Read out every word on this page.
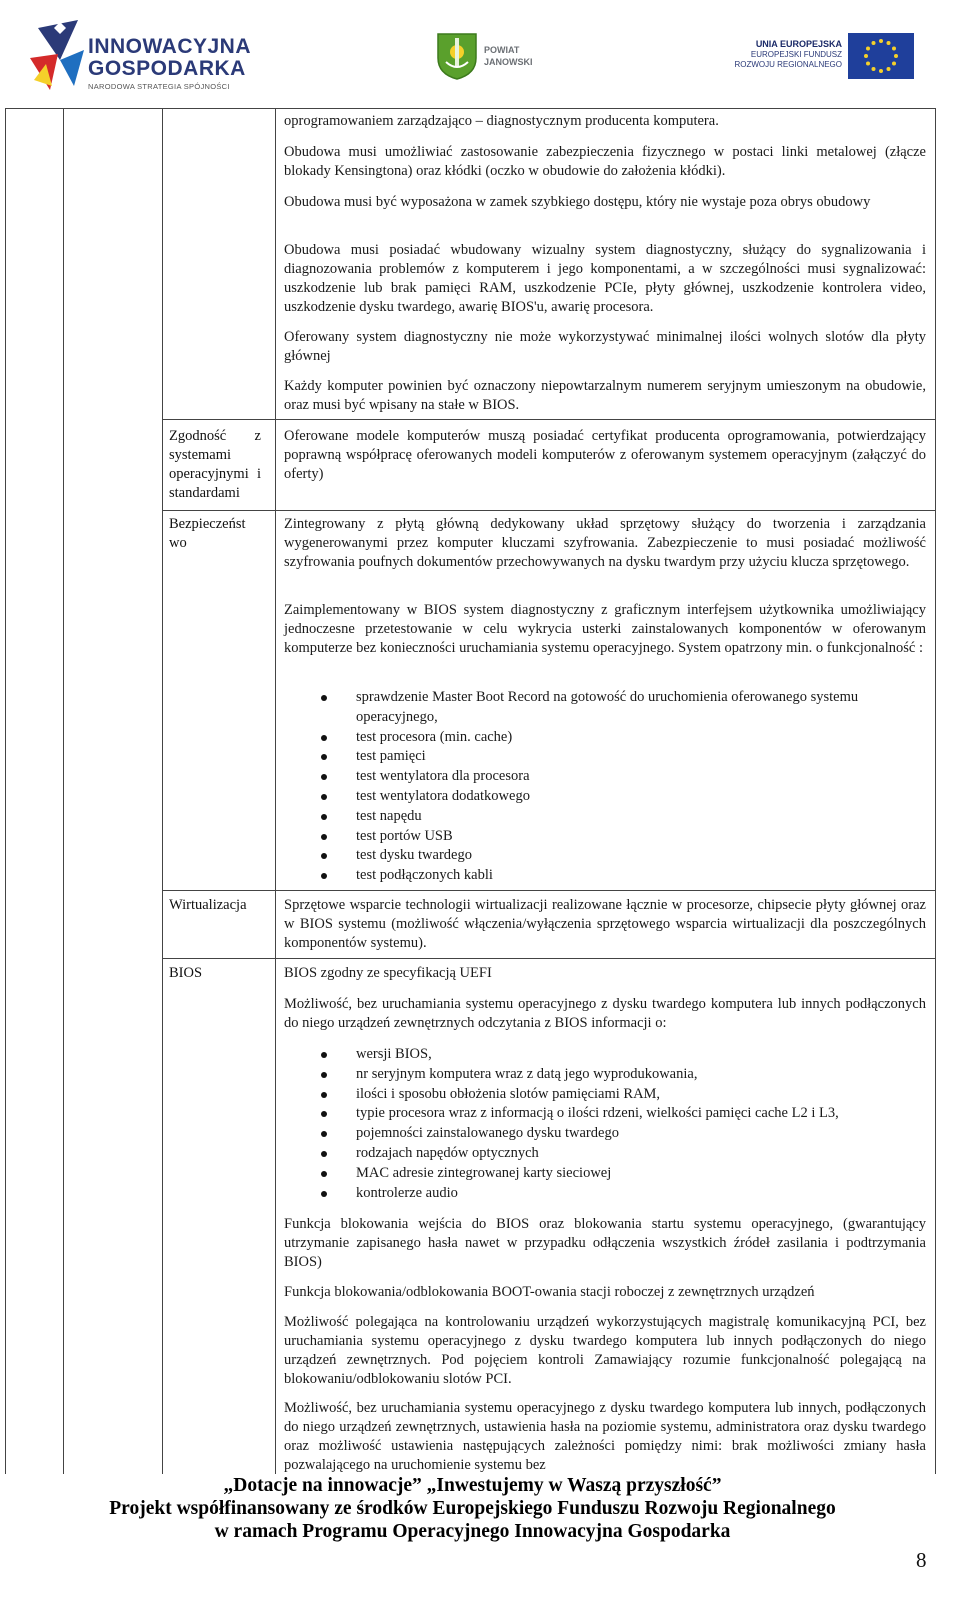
INNOWACYJNA
GOSPODARKA
NARODOWA STRATEGIA SPÓJNOŚCI
POWIAT
JANOWSKI
UNIA EUROPEJSKA
EUROPEJSKI FUNDUSZ
ROZWOJU REGIONALNEGO
Zgodność z systemami operacyjnymi i standardami
Bezpieczeńst wo
Wirtualizacja
BIOS
oprogramowaniem zarządzająco – diagnostycznym producenta komputera.
Obudowa musi umożliwiać zastosowanie zabezpieczenia fizycznego w postaci linki metalowej (złącze blokady Kensingtona) oraz kłódki (oczko w obudowie do założenia kłódki).
Obudowa musi być wyposażona w zamek szybkiego dostępu, który nie wystaje poza obrys obudowy
Obudowa musi posiadać wbudowany wizualny system diagnostyczny, służący do sygnalizowania i diagnozowania problemów z komputerem i jego komponentami, a w szczególności musi sygnalizować: uszkodzenie lub brak pamięci RAM, uszkodzenie PCIe, płyty głównej, uszkodzenie kontrolera video, uszkodzenie dysku twardego, awarię BIOS'u, awarię procesora.
Oferowany system diagnostyczny nie może wykorzystywać minimalnej ilości wolnych slotów dla płyty głównej
Każdy komputer powinien być oznaczony niepowtarzalnym numerem seryjnym umieszonym na obudowie, oraz musi być wpisany na stałe w BIOS.
Oferowane modele komputerów muszą posiadać certyfikat producenta oprogramowania, potwierdzający poprawną współpracę oferowanych modeli komputerów z oferowanym systemem operacyjnym (załączyć do oferty)
Zintegrowany z płytą główną dedykowany układ sprzętowy służący do tworzenia i zarządzania wygenerowanymi przez komputer kluczami szyfrowania. Zabezpieczenie to musi posiadać możliwość szyfrowania poufnych dokumentów przechowywanych na dysku twardym przy użyciu klucza sprzętowego.
Zaimplementowany w BIOS system diagnostyczny z graficznym interfejsem użytkownika umożliwiający jednoczesne przetestowanie w celu wykrycia usterki zainstalowanych komponentów w oferowanym komputerze bez konieczności uruchamiania systemu operacyjnego. System opatrzony min. o funkcjonalność :
sprawdzenie Master Boot Record na gotowość do uruchomienia oferowanego systemu operacyjnego,
test procesora (min. cache)
test pamięci
test wentylatora dla procesora
test wentylatora dodatkowego
test napędu
test portów USB
test dysku twardego
test podłączonych kabli
Sprzętowe wsparcie technologii wirtualizacji realizowane łącznie w procesorze, chipsecie płyty głównej oraz w BIOS systemu (możliwość włączenia/wyłączenia sprzętowego wsparcia wirtualizacji dla poszczególnych komponentów systemu).
BIOS zgodny ze specyfikacją UEFI
Możliwość, bez uruchamiania systemu operacyjnego z dysku twardego komputera lub innych podłączonych do niego urządzeń zewnętrznych odczytania z BIOS informacji o:
wersji BIOS,
nr seryjnym komputera wraz z datą jego wyprodukowania,
ilości i sposobu obłożenia slotów pamięciami RAM,
typie procesora wraz z informacją o ilości rdzeni, wielkości pamięci cache L2 i L3,
pojemności zainstalowanego dysku twardego
rodzajach napędów optycznych
MAC adresie zintegrowanej karty sieciowej
kontrolerze audio
Funkcja blokowania wejścia do BIOS oraz blokowania startu systemu operacyjnego, (gwarantujący utrzymanie zapisanego hasła nawet w przypadku odłączenia wszystkich źródeł zasilania i podtrzymania BIOS)
Funkcja blokowania/odblokowania BOOT-owania stacji roboczej z zewnętrznych urządzeń
Możliwość polegająca na kontrolowaniu urządzeń wykorzystujących magistralę komunikacyjną PCI, bez uruchamiania systemu operacyjnego z dysku twardego komputera lub innych podłączonych do niego urządzeń zewnętrznych. Pod pojęciem kontroli Zamawiający rozumie funkcjonalność polegającą na blokowaniu/odblokowaniu slotów PCI.
Możliwość, bez uruchamiania systemu operacyjnego z dysku twardego komputera lub innych, podłączonych do niego urządzeń zewnętrznych, ustawienia hasła na poziomie systemu, administratora oraz dysku twardego oraz możliwość ustawienia następujących zależności pomiędzy nimi: brak możliwości zmiany hasła pozwalającego na uruchomienie systemu bez
„Dotacje na innowacje” „Inwestujemy w Waszą przyszłość”
Projekt współfinansowany ze środków Europejskiego Funduszu Rozwoju Regionalnego
w ramach Programu Operacyjnego Innowacyjna Gospodarka
8
